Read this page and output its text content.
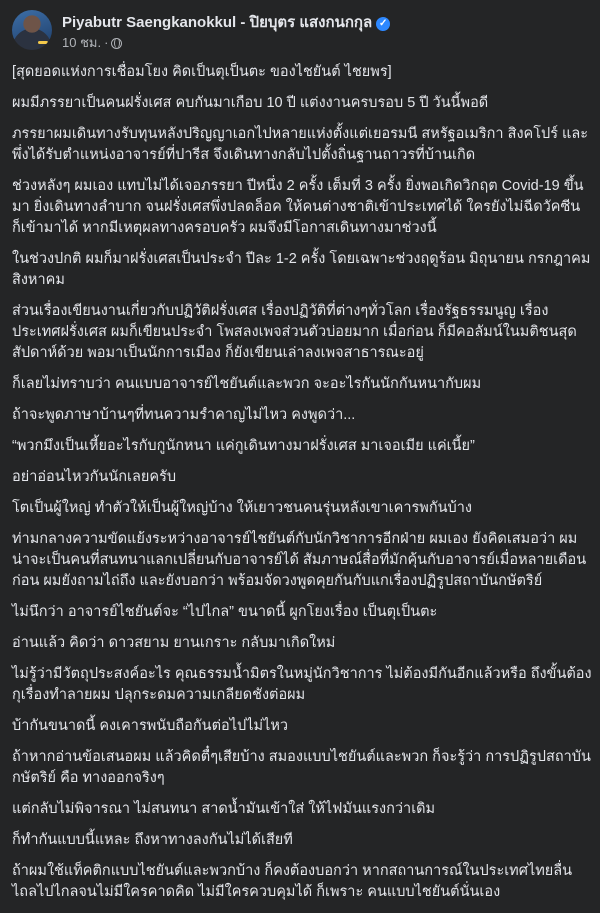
Piyabutr Saengkanokkul - ปิยบุตร แสงกนกกุล ✓
10 ชม. ·

[สุดยอดแห่งการเชื่อมโยง คิดเป็นตุเป็นตะ ของไชยันต์ ไชยพร]

ผมมีภรรยาเป็นคนฝรั่งเศส คบกันมาเกือบ 10 ปี แต่งงานครบรอบ 5 ปี วันนี้พอดี

ภรรยาผมเดินทางรับทุนหลังปริญญาเอกไปหลายแห่งตั้งแต่เยอรมนี สหรัฐอเมริกา สิงคโปร์ และพึ่งได้รับตำแหน่งอาจารย์ที่ปารีส จึงเดินทางกลับไปตั้งถิ่นฐานถาวรที่บ้านเกิด

ช่วงหลังๆ ผมเอง แทบไม่ได้เจอภรรยา ปีหนึ่ง 2 ครั้ง เต็มที่ 3 ครั้ง ยิ่งพอเกิดวิกฤต Covid-19 ขึ้นมา ยิ่งเดินทางลำบาก จนฝรั่งเศสพึ่งปลดล็อค ให้คนต่างชาติเข้าประเทศได้ ใครยังไม่ฉีดวัคซีน ก็เข้ามาได้ หากมีเหตุผลทางครอบครัว ผมจึงมีโอกาสเดินทางมาช่วงนี้

ในช่วงปกติ ผมก็มาฝรั่งเศสเป็นประจำ ปีละ 1-2 ครั้ง โดยเฉพาะช่วงฤดูร้อน มิถุนายน กรกฎาคม สิงหาคม

ส่วนเรื่องเขียนงานเกี่ยวกับปฏิวัติฝรั่งเศส เรื่องปฏิวัติที่ต่างๆทั่วโลก เรื่องรัฐธรรมนูญ เรื่องประเทศฝรั่งเศส ผมก็เขียนประจำ โพสลงเพจส่วนตัวบ่อยมาก เมื่อก่อน ก็มีคอลัมน์ในมติชนสุดสัปดาห์ด้วย พอมาเป็นนักการเมือง ก็ยังเขียนเล่าลงเพจสาธารณะอยู่

ก็เลยไม่ทราบว่า คนแบบอาจารย์ไชยันต์และพวก จะอะไรกันนักกันหนากับผม

ถ้าจะพูดภาษาบ้านๆที่ทนความรำคาญไม่ไหว คงพูดว่า...

“พวกมึงเป็นเหี้ยอะไรกับกูนักหนา แค่กูเดินทางมาฝรั่งเศส มาเจอเมีย แค่เนี้ย”

อย่าอ่อนไหวกันนักเลยครับ

โตเป็นผู้ใหญ่ ทำตัวให้เป็นผู้ใหญ่บ้าง ให้เยาวชนคนรุ่นหลังเขาเคารพกันบ้าง

ท่ามกลางความขัดแย้งระหว่างอาจารย์ไชยันต์กับนักวิชาการอีกฝ่าย ผมเอง ยังคิดเสมอว่า ผมน่าจะเป็นคนที่สนทนาแลกเปลี่ยนกับอาจารย์ได้ สัมภาษณ์สื่อที่มักคุ้นกับอาจารย์เมื่อหลายเดือนก่อน ผมยังถามไถ่ถึง และยังบอกว่า พร้อมจัดวงพูดคุยกันกับแกเรื่องปฏิรูปสถาบันกษัตริย์

ไม่นึกว่า อาจารย์ไชยันต์จะ “ไปไกล” ขนาดนี้ ผูกโยงเรื่อง เป็นตุเป็นตะ

อ่านแล้ว คิดว่า ดาวสยาม ยานเกราะ กลับมาเกิดใหม่

ไม่รู้ว่ามีวัตถุประสงค์อะไร คุณธรรมน้ำมิตรในหมู่นักวิชาการ ไม่ต้องมีกันอีกแล้วหรือ ถึงขั้นต้องกุเรื่องทำลายผม ปลุกระดมความเกลียดชังต่อผม

บ้ากันขนาดนี้ คงเคารพนับถือกันต่อไปไม่ไหว

ถ้าหากอ่านข้อเสนอผม แล้วคิดตื๋ๆเสียบ้าง สมองแบบไชยันต์และพวก ก็จะรู้ว่า การปฏิรูปสถาบันกษัตริย์ คือ ทางออกจริงๆ

แต่กลับไม่พิจารณา ไม่สนทนา สาดน้ำมันเข้าใส่ ให้ไฟมันแรงกว่าเดิม

ก็ทำกันแบบนี้แหละ ถึงหาทางลงกันไม่ได้เสียที

ถ้าผมใช้แท็คติกแบบไชยันต์และพวกบ้าง ก็คงต้องบอกว่า หากสถานการณ์ในประเทศไทยลื่นไถลไปไกลจนไม่มีใครคาดคิด ไม่มีใครควบคุมได้ ก็เพราะ คนแบบไชยันต์นั่นเอง
